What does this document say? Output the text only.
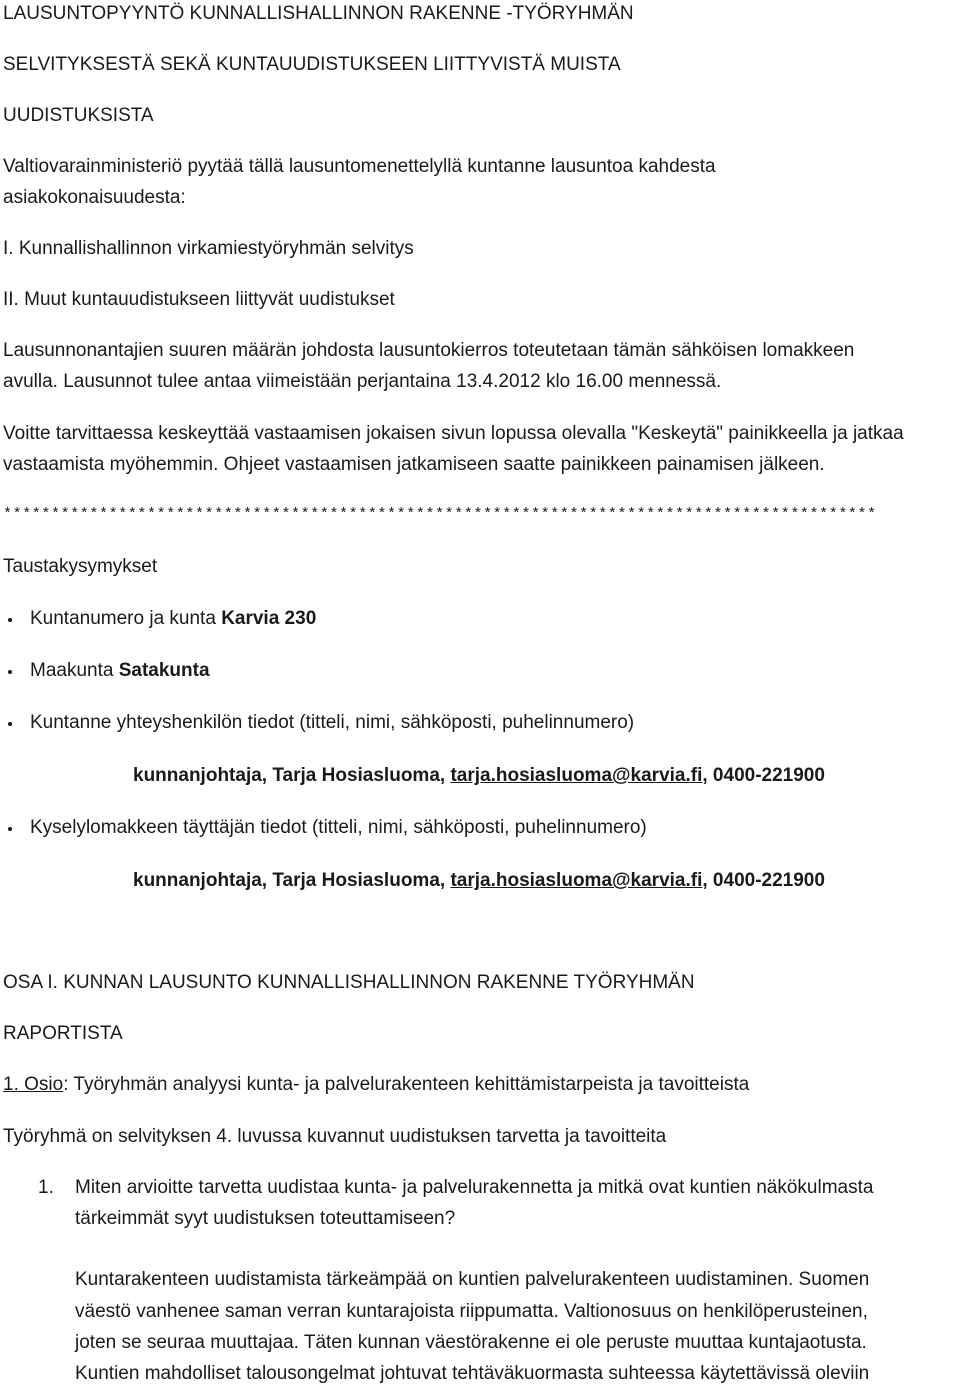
LAUSUNTOPYYNTÖ KUNNALLISHALLINNON RAKENNE -TYÖRYHMÄN
SELVITYKSESTÄ SEKÄ KUNTAUUDISTUKSEEN LIITTYVISTÄ MUISTA
UUDISTUKSISTA
Valtiovarainministeriö pyytää tällä lausuntomenettelyllä kuntanne lausuntoa kahdesta
asiakokonaisuudesta:
I. Kunnallishallinnon virkamiestyöryhmän selvitys
II. Muut kuntauudistukseen liittyvät uudistukset
Lausunnonantajien suuren määrän johdosta lausuntokierros toteutetaan tämän sähköisen lomakkeen
avulla. Lausunnot tulee antaa viimeistään perjantaina 13.4.2012 klo 16.00 mennessä.
Voitte tarvittaessa keskeyttää vastaamisen jokaisen sivun lopussa olevalla "Keskeytä" painikkeella ja jatkaa
vastaamista myöhemmin. Ohjeet vastaamisen jatkamiseen saatte painikkeen painamisen jälkeen.
*******************************************************************************************
Taustakysymykset
Kuntanumero ja kunta Karvia 230
Maakunta Satakunta
Kuntanne yhteyshenkilön tiedot (titteli, nimi, sähköposti, puhelinnumero)
kunnanjohtaja, Tarja Hosiasluoma, tarja.hosiasluoma@karvia.fi, 0400-221900
Kyselylomakkeen täyttäjän tiedot (titteli, nimi, sähköposti, puhelinnumero)
kunnanjohtaja, Tarja Hosiasluoma, tarja.hosiasluoma@karvia.fi, 0400-221900
OSA I. KUNNAN LAUSUNTO KUNNALLISHALLINNON RAKENNE TYÖRYHMÄN
RAPORTISTA
1. Osio: Työryhmän analyysi kunta- ja palvelurakenteen kehittämistarpeista ja tavoitteista
Työryhmä on selvityksen 4. luvussa kuvannut uudistuksen tarvetta ja tavoitteita
1. Miten arvioitte tarvetta uudistaa kunta- ja palvelurakennetta ja mitkä ovat kuntien näkökulmasta
tärkeimmät syyt uudistuksen toteuttamiseen?
Kuntarakenteen uudistamista tärkeämpää on kuntien palvelurakenteen uudistaminen. Suomen
väestö vanhenee saman verran kuntarajoista riippumatta. Valtionosuus on henkilöperusteinen,
joten se seuraa muuttajaa. Täten kunnan väestörakenne ei ole peruste muuttaa kuntajaotusta.
Kuntien mahdolliset talousongelmat johtuvat tehtäväkuormasta suhteessa käytettävissä oleviin
